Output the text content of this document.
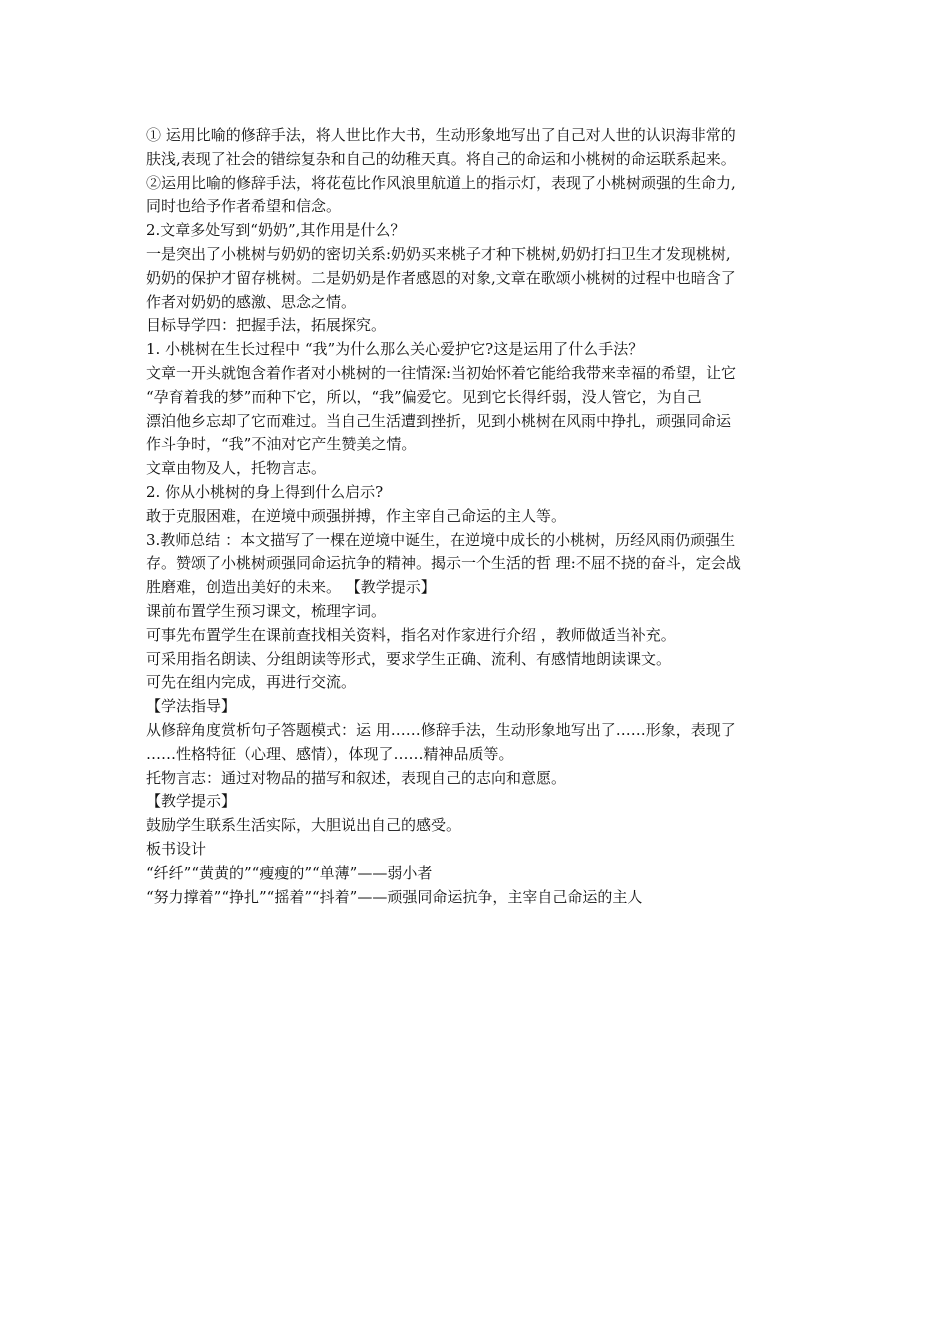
① 运用比喻的修辞手法，将人世比作大书，生动形象地写出了自己对人世的认识海非常的
肤浅,表现了社会的错综复杂和自己的幼稚天真。将自己的命运和小桃树的命运联系起来。
②运用比喻的修辞手法，将花苞比作风浪里航道上的指示灯，表现了小桃树顽强的生命力,
同时也给予作者希望和信念。
2.文章多处写到“奶奶”,其作用是什么？
一是突出了小桃树与奶奶的密切关系:奶奶买来桃子才种下桃树,奶奶打扫卫生才发现桃树,
奶奶的保护才留存桃树。二是奶奶是作者感恩的对象,文章在歌颂小桃树的过程中也暗含了
作者对奶奶的感激、思念之情。
目标导学四：把握手法，拓展探究。
1. 小桃树在生长过程中 “我”为什么那么关心爱护它?这是运用了什么手法？
文章一开头就饱含着作者对小桃树的一往情深:当初始怀着它能给我带来幸福的希望，让它
“孕育着我的梦”而种下它，所以，“我”偏爱它。见到它长得纤弱，没人管它，为自己
漂泊他乡忘却了它而难过。当自己生活遭到挫折，见到小桃树在风雨中挣扎，顽强同命运
作斗争时，“我”不油对它产生赞美之情。
文章由物及人，托物言志。
2. 你从小桃树的身上得到什么启示?
敢于克服困难，在逆境中顽强拼搏，作主宰自己命运的主人等。
3.教师总结 ：本文描写了一棵在逆境中诞生，在逆境中成长的小桃树，历经风雨仍顽强生
存。赞颂了小桃树顽强同命运抗争的精神。揭示一个生活的哲 理:不屈不挠的奋斗，定会战
胜磨难，创造出美好的未来。 【教学提示】
课前布置学生预习课文，梳理字词。
可事先布置学生在课前查找相关资料，指名对作家进行介绍 ，教师做适当补充。
可采用指名朗读、分组朗读等形式，要求学生正确、流利、有感情地朗读课文。
可先在组内完成，再进行交流。
【学法指导】
从修辞角度赏析句子答题模式：运 用……修辞手法，生动形象地写出了……形象，表现了
……性格特征（心理、感情），体现了……精神品质等。
托物言志：通过对物品的描写和叙述，表现自己的志向和意愿。
【教学提示】
鼓励学生联系生活实际，大胆说出自己的感受。
板书设计
“纤纤”“黄黄的”“瘦瘦的”“单薄”——弱小者
“努力撑着”“挣扎”“摇着”“抖着”——顽强同命运抗争，主宰自己命运的主人
